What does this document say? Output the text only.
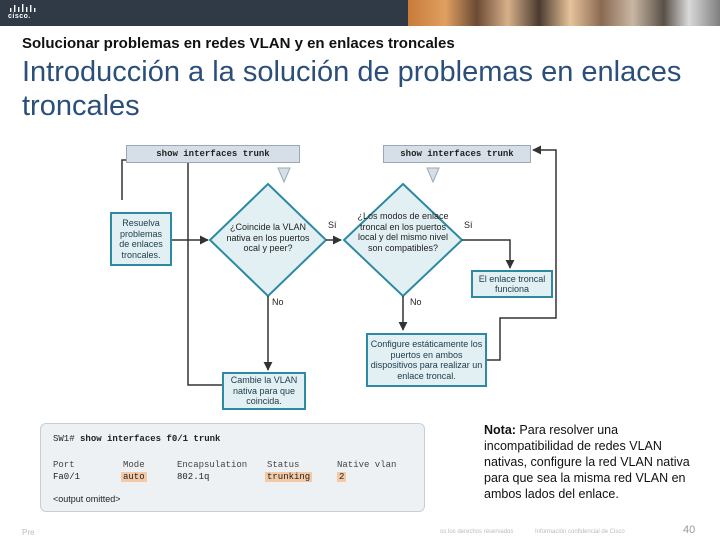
cisco.
Solucionar problemas en redes VLAN y en enlaces troncales
Introducción a la solución de problemas en enlaces troncales
show interfaces trunk	show interfaces trunk
Resuelva problemas de enlaces troncales.
El enlace troncal funciona
Configure estáticamente los puertos en ambos dispositivos para realizar un enlace troncal.
Cambie la VLAN nativa para que coincida.
¿Coincide la VLAN nativa en los puertos ocal y peer?
¿Los modos de enlace troncal en los puertos local y del mismo nivel son compatibles?
Sí	Sí
No	No
SW1# show interfaces f0/1 trunk
Port	Mode	Encapsulation Status	Native vlan
Fa0/1	auto	802.1q	trunking	2
<output omitted>
Nota: Para resolver una incompatibilidad de redes VLAN nativas, configure la red VLAN nativa para que sea la misma red VLAN en ambos lados del enlace.
Pre	os los derechos reservados	Información confidencial de Cisco	40
